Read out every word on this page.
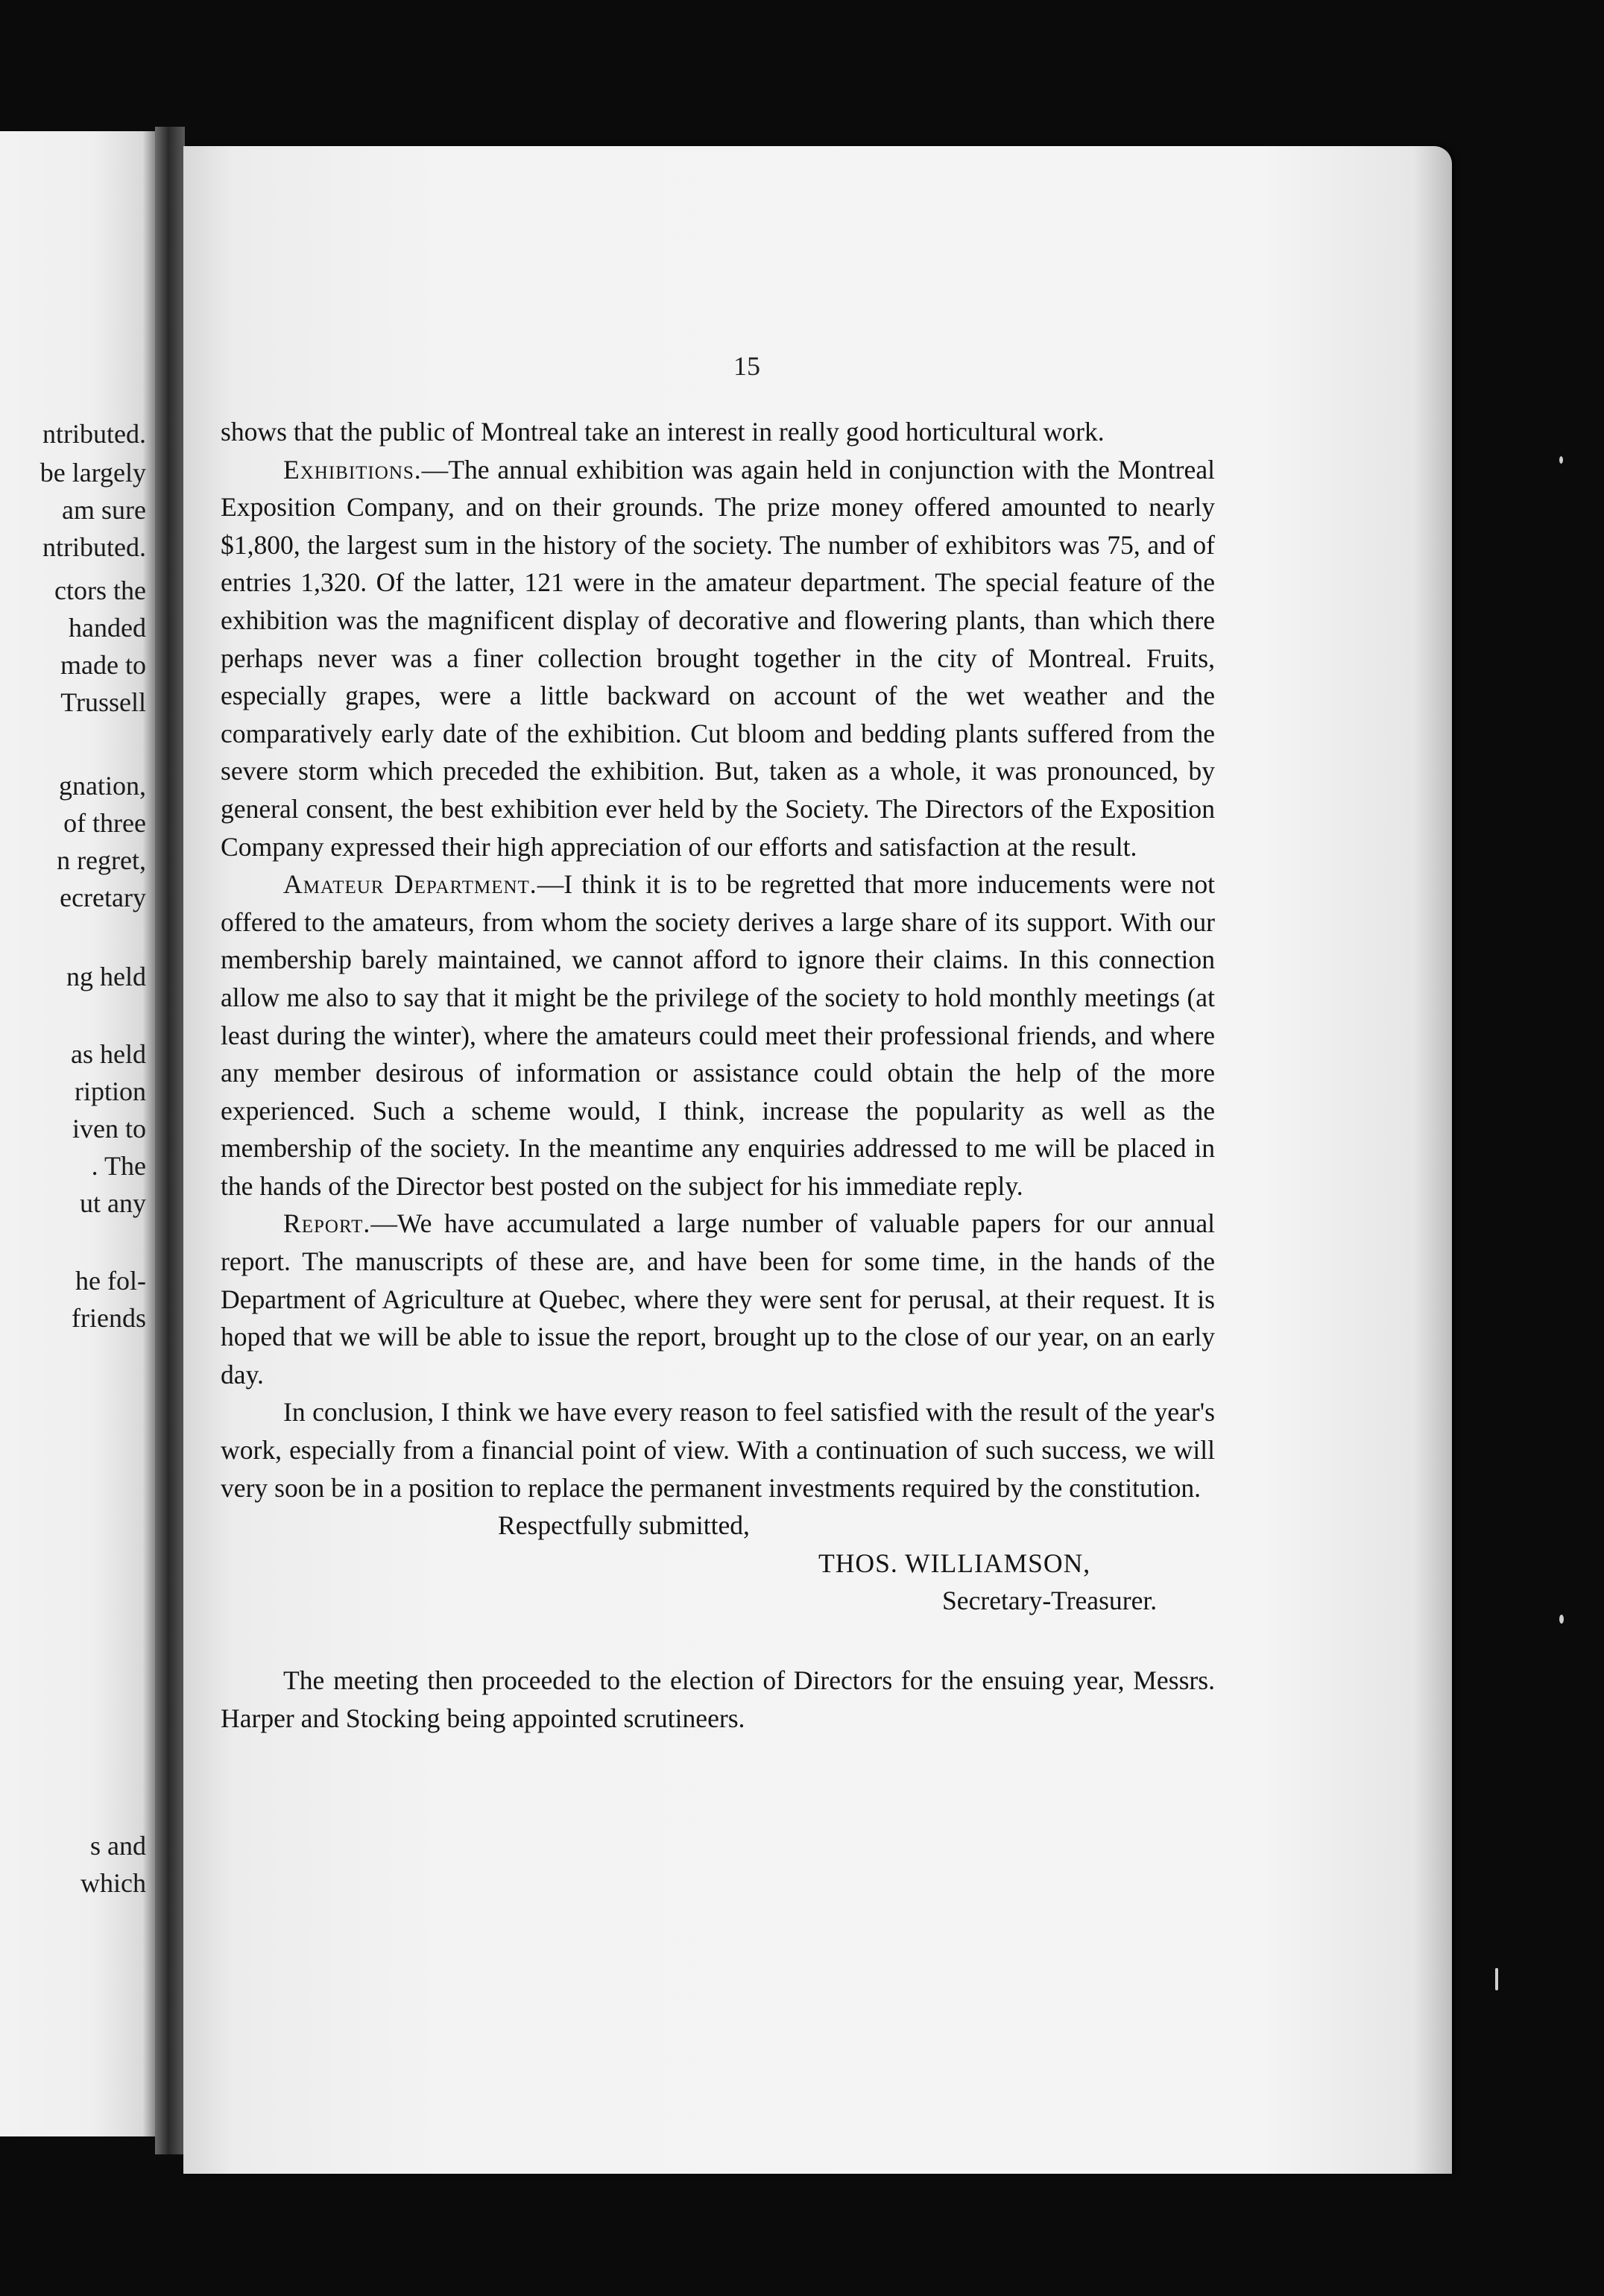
ntributed.
be largely
am sure
ntributed.
ctors the
handed
made to
Trussell
gnation,
of three
n regret,
ecretary
ng held
as held
ription
iven to
. The
ut any
he fol-
friends
s and
which
15

shows that the public of Montreal take an interest in really good horticultural work.

Exhibitions.—The annual exhibition was again held in conjunction with the Montreal Exposition Company, and on their grounds. The prize money offered amounted to nearly $1,800, the largest sum in the history of the society. The number of exhibitors was 75, and of entries 1,320. Of the latter, 121 were in the amateur department. The special feature of the exhibition was the magnificent display of decorative and flowering plants, than which there perhaps never was a finer collection brought together in the city of Montreal. Fruits, especially grapes, were a little backward on account of the wet weather and the comparatively early date of the exhibition. Cut bloom and bedding plants suffered from the severe storm which preceded the exhibition. But, taken as a whole, it was pronounced, by general consent, the best exhibition ever held by the Society. The Directors of the Exposition Company expressed their high appreciation of our efforts and satisfaction at the result.

Amateur Department.—I think it is to be regretted that more inducements were not offered to the amateurs, from whom the society derives a large share of its support. With our membership barely maintained, we cannot afford to ignore their claims. In this connection allow me also to say that it might be the privilege of the society to hold monthly meetings (at least during the winter), where the amateurs could meet their professional friends, and where any member desirous of information or assistance could obtain the help of the more experienced. Such a scheme would, I think, increase the popularity as well as the membership of the society. In the meantime any enquiries addressed to me will be placed in the hands of the Director best posted on the subject for his immediate reply.

Report.—We have accumulated a large number of valuable papers for our annual report. The manuscripts of these are, and have been for some time, in the hands of the Department of Agriculture at Quebec, where they were sent for perusal, at their request. It is hoped that we will be able to issue the report, brought up to the close of our year, on an early day.

In conclusion, I think we have every reason to feel satisfied with the result of the year's work, especially from a financial point of view. With a continuation of such success, we will very soon be in a position to replace the permanent investments required by the constitution.

Respectfully submitted,
THOS. WILLIAMSON,
Secretary-Treasurer.

The meeting then proceeded to the election of Directors for the ensuing year, Messrs. Harper and Stocking being appointed scrutineers.
